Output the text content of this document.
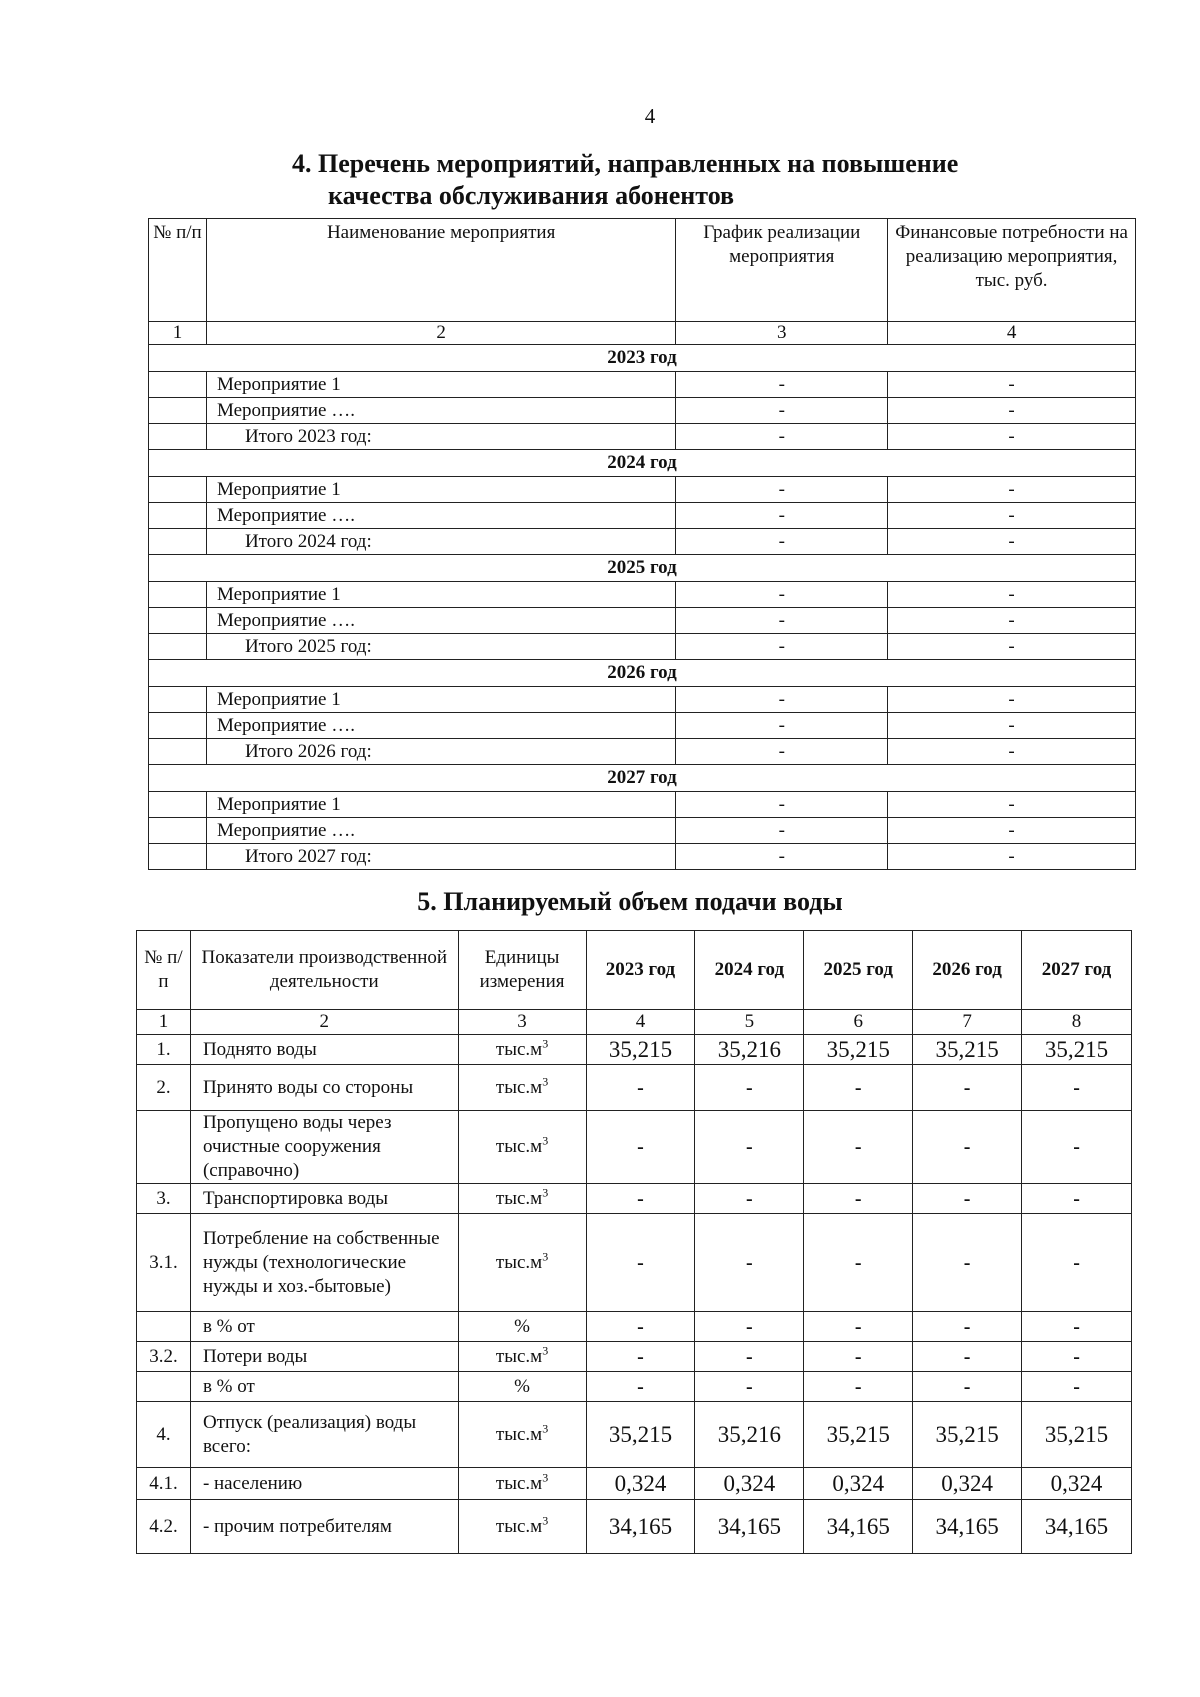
4
4. Перечень мероприятий, направленных на повышение
качества обслуживания абонентов
№ п/п	Наименование мероприятия	График реализации мероприятия	Финансовые потребности на реализацию мероприятия, тыс. руб.
1	2	3	4
2023 год			
	Мероприятие 1	-	-
	Мероприятие ….	-	-
	Итого 2023 год:	-	-
2024 год			
	Мероприятие 1	-	-
	Мероприятие ….	-	-
	Итого 2024 год:	-	-
2025 год			
	Мероприятие 1	-	-
	Мероприятие ….	-	-
	Итого 2025 год:	-	-
2026 год			
	Мероприятие 1	-	-
	Мероприятие ….	-	-
	Итого 2026 год:	-	-
2027 год			
	Мероприятие 1	-	-
	Мероприятие ….	-	-
	Итого 2027 год:	-	-
5. Планируемый объем подачи воды
№ п/п	Показатели производственной деятельности	Единицы измерения	2023 год	2024 год	2025 год	2026 год	2027 год
1	2	3	4	5	6	7	8
1.	Поднято воды	$тыс.м^3$	35,215	35,216	35,215	35,215	35,215
2.	Принято воды со стороны	$тыс.м^3$	-	-	-	-	-
	Пропущено воды через очистные сооружения (справочно)	$тыс.м^3$	-	-	-	-	-
3.	Транспортировка воды	$тыс.м^3$	-	-	-	-	-
3.1.	Потребление на собственные нужды (технологические нужды и хоз.-бытовые)	$тыс.м^3$	-	-	-	-	-
	в % от	%	-	-	-	-	-
3.2.	Потери воды	$тыс.м^3$	-	-	-	-	-
	в % от	%	-	-	-	-	-
4.	Отпуск (реализация) воды всего:	$тыс.м^3$	35,215	35,216	35,215	35,215	35,215
4.1.	- населению	$тыс.м^3$	0,324	0,324	0,324	0,324	0,324
4.2.	- прочим потребителям	$тыс.м^3$	34,165	34,165	34,165	34,165	34,165
